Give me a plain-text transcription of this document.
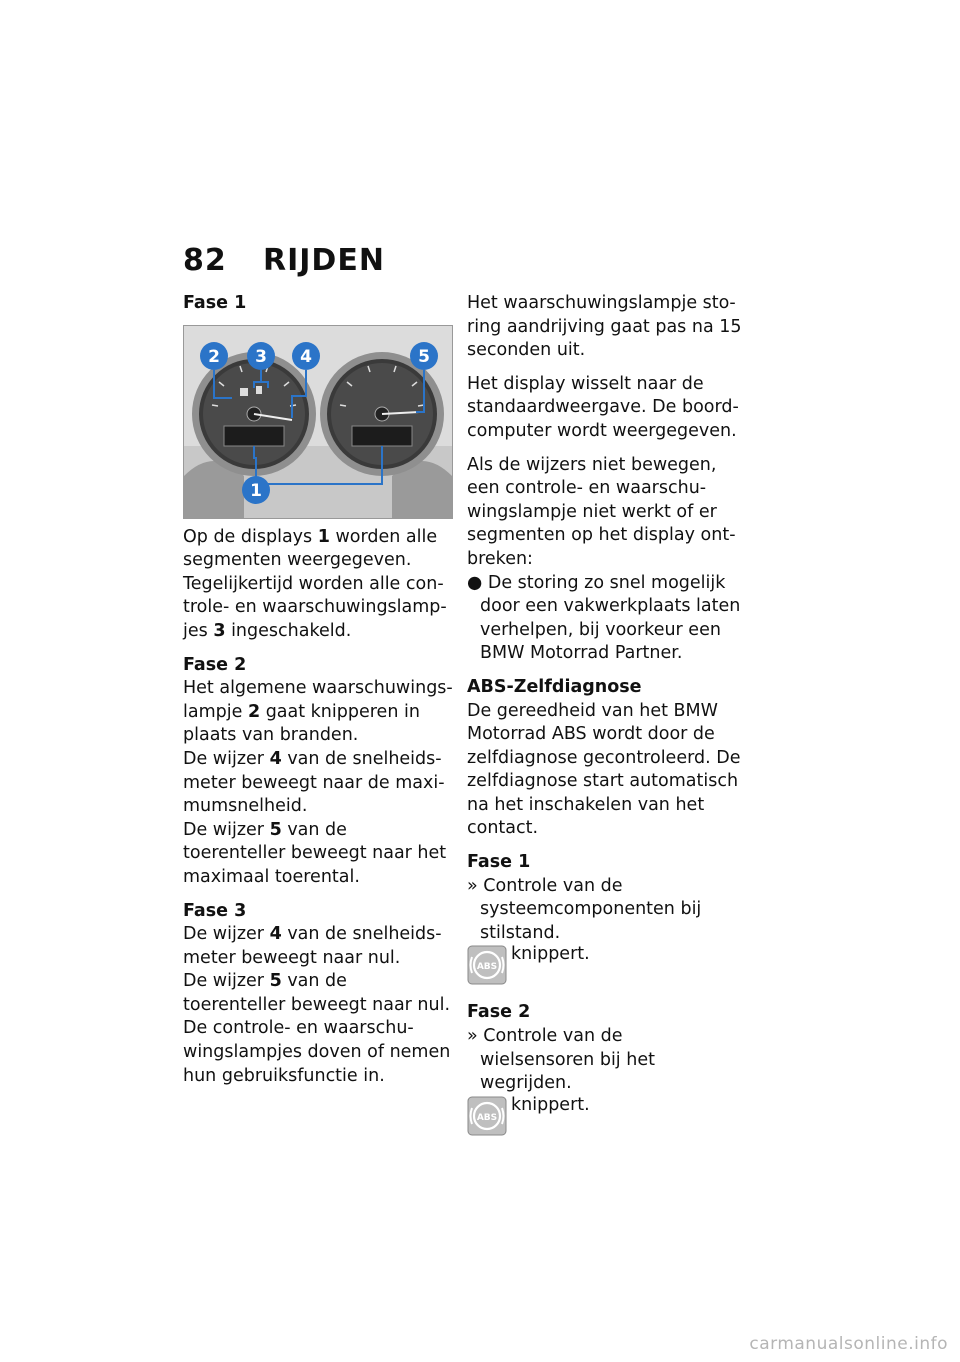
82 RIJDEN

Fase 1

2 3 4	5
1

Op de displays 1 worden alle segmenten weergegeven. Tegelijkertijd worden alle controle- en waarschuwingslampjes 3 ingeschakeld.

Fase 2

Het algemene waarschuwingslampje 2 gaat knipperen in plaats van branden.

De wijzer 4 van de snelheidsmeter beweegt naar de maximumsnelheid.

De wijzer 5 van de toerenteller beweegt naar het maximaal toerental.

Fase 3

De wijzer 4 van de snelheidsmeter beweegt naar nul.

De wijzer 5 van de toerenteller beweegt naar nul.

De controle- en waarschuwingslampjes doven of nemen hun gebruiksfunctie in.

Het waarschuwingslampje storing aandrijving gaat pas na 15 seconden uit.

Het display wisselt naar de standaardweergave. De boordcomputer wordt weergegeven.

Als de wijzers niet bewegen, een controle- en waarschuwingslampje niet werkt of er segmenten op het display ontbreken:

● De storing zo snel mogelijk door een vakwerkplaats laten verhelpen, bij voorkeur een BMW Motorrad Partner.

ABS-Zelfdiagnose

De gereedheid van het BMW Motorrad ABS wordt door de zelfdiagnose gecontroleerd. De zelfdiagnose start automatisch na het inschakelen van het contact.

Fase 1

» Controle van de systeemcomponenten bij stilstand.

ABS
knippert.

Fase 2

» Controle van de wielsensoren bij het wegrijden.

ABS
knippert.
carmanualsonline.info
